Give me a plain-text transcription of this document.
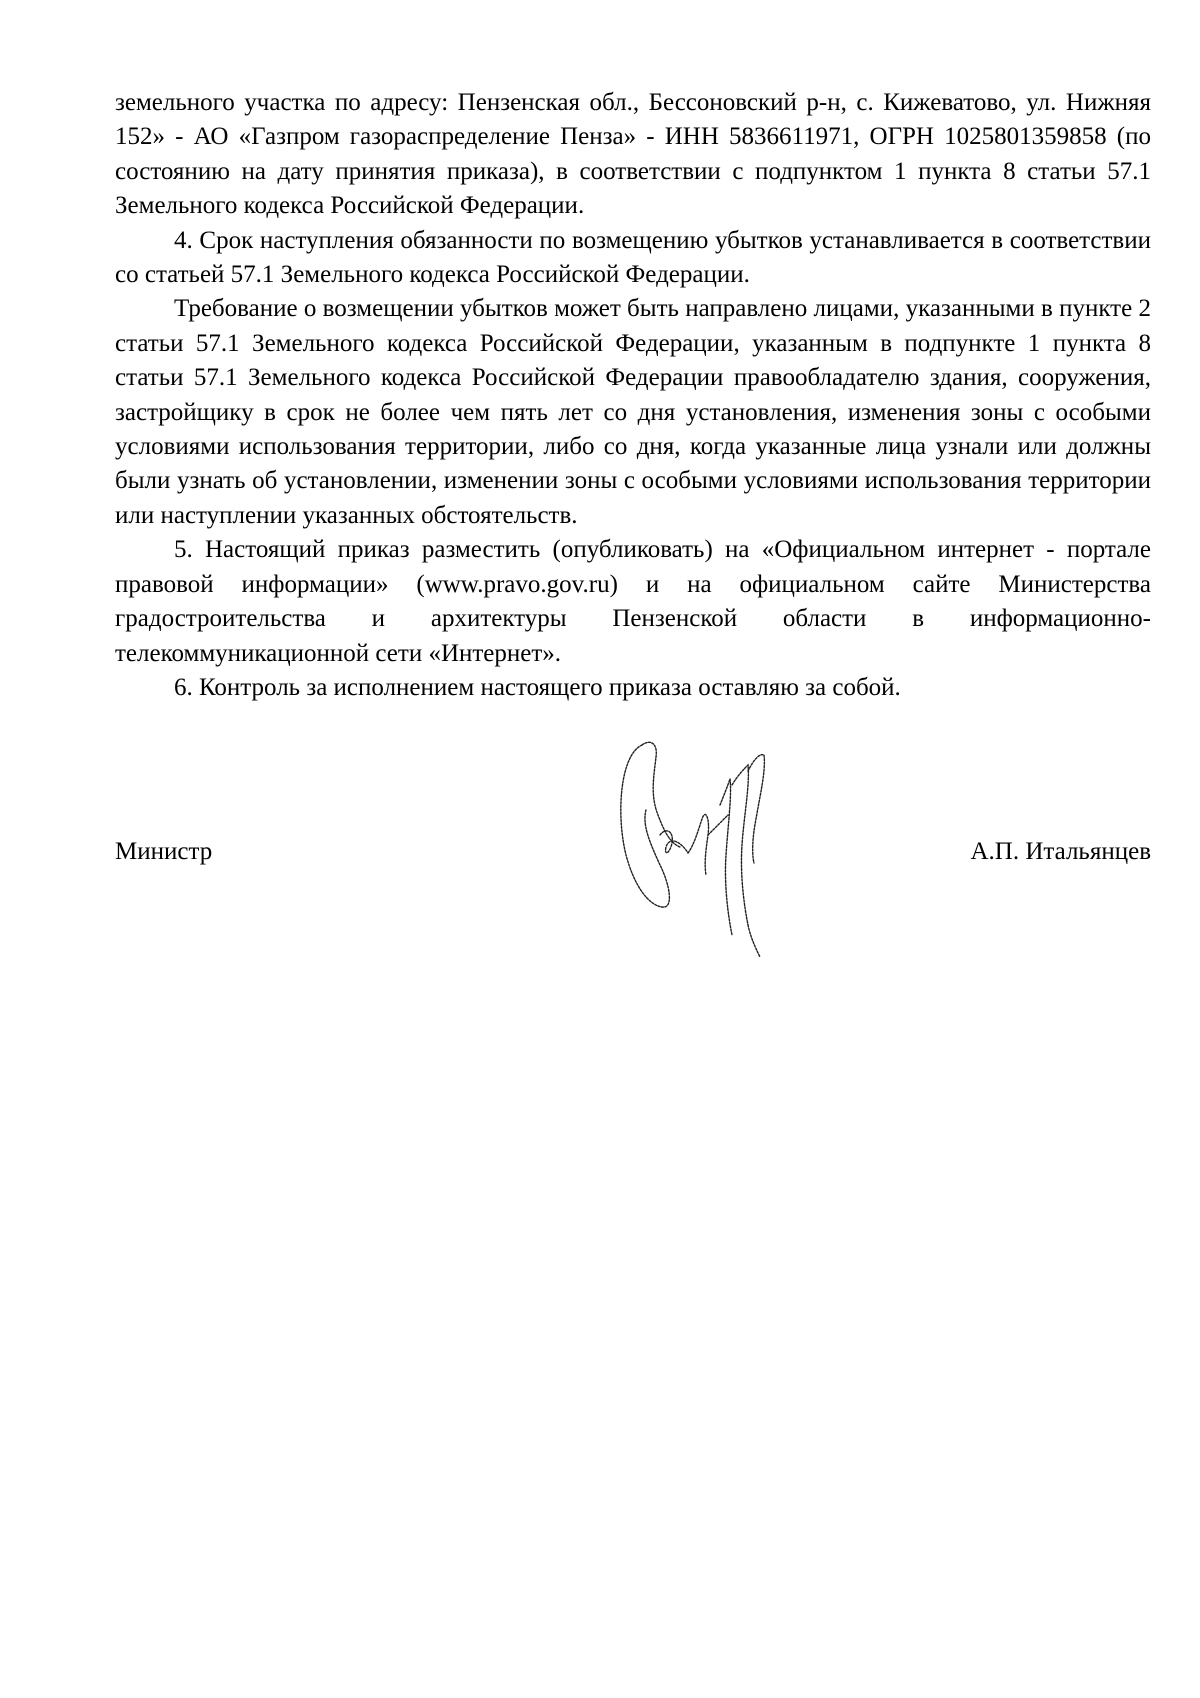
земельного участка по адресу: Пензенская обл., Бессоновский р-н, с. Кижеватово, ул. Нижняя 152» - АО «Газпром газораспределение Пенза» - ИНН 5836611971, ОГРН 1025801359858 (по состоянию на дату принятия приказа), в соответствии с подпунктом 1 пункта 8 статьи 57.1 Земельного кодекса Российской Федерации.

4. Срок наступления обязанности по возмещению убытков устанавливается в соответствии со статьей 57.1 Земельного кодекса Российской Федерации.

Требование о возмещении убытков может быть направлено лицами, указанными в пункте 2 статьи 57.1 Земельного кодекса Российской Федерации, указанным в подпункте 1 пункта 8 статьи 57.1 Земельного кодекса Российской Федерации правообладателю здания, сооружения, застройщику в срок не более чем пять лет со дня установления, изменения зоны с особыми условиями использования территории, либо со дня, когда указанные лица узнали или должны были узнать об установлении, изменении зоны с особыми условиями использования территории или наступлении указанных обстоятельств.

5. Настоящий приказ разместить (опубликовать) на «Официальном интернет - портале правовой информации» (www.pravo.gov.ru) и на официальном сайте Министерства градостроительства и архитектуры Пензенской области в информационно-телекоммуникационной сети «Интернет».

6. Контроль за исполнением настоящего приказа оставляю за собой.

Министр	А.П. Итальянцев
